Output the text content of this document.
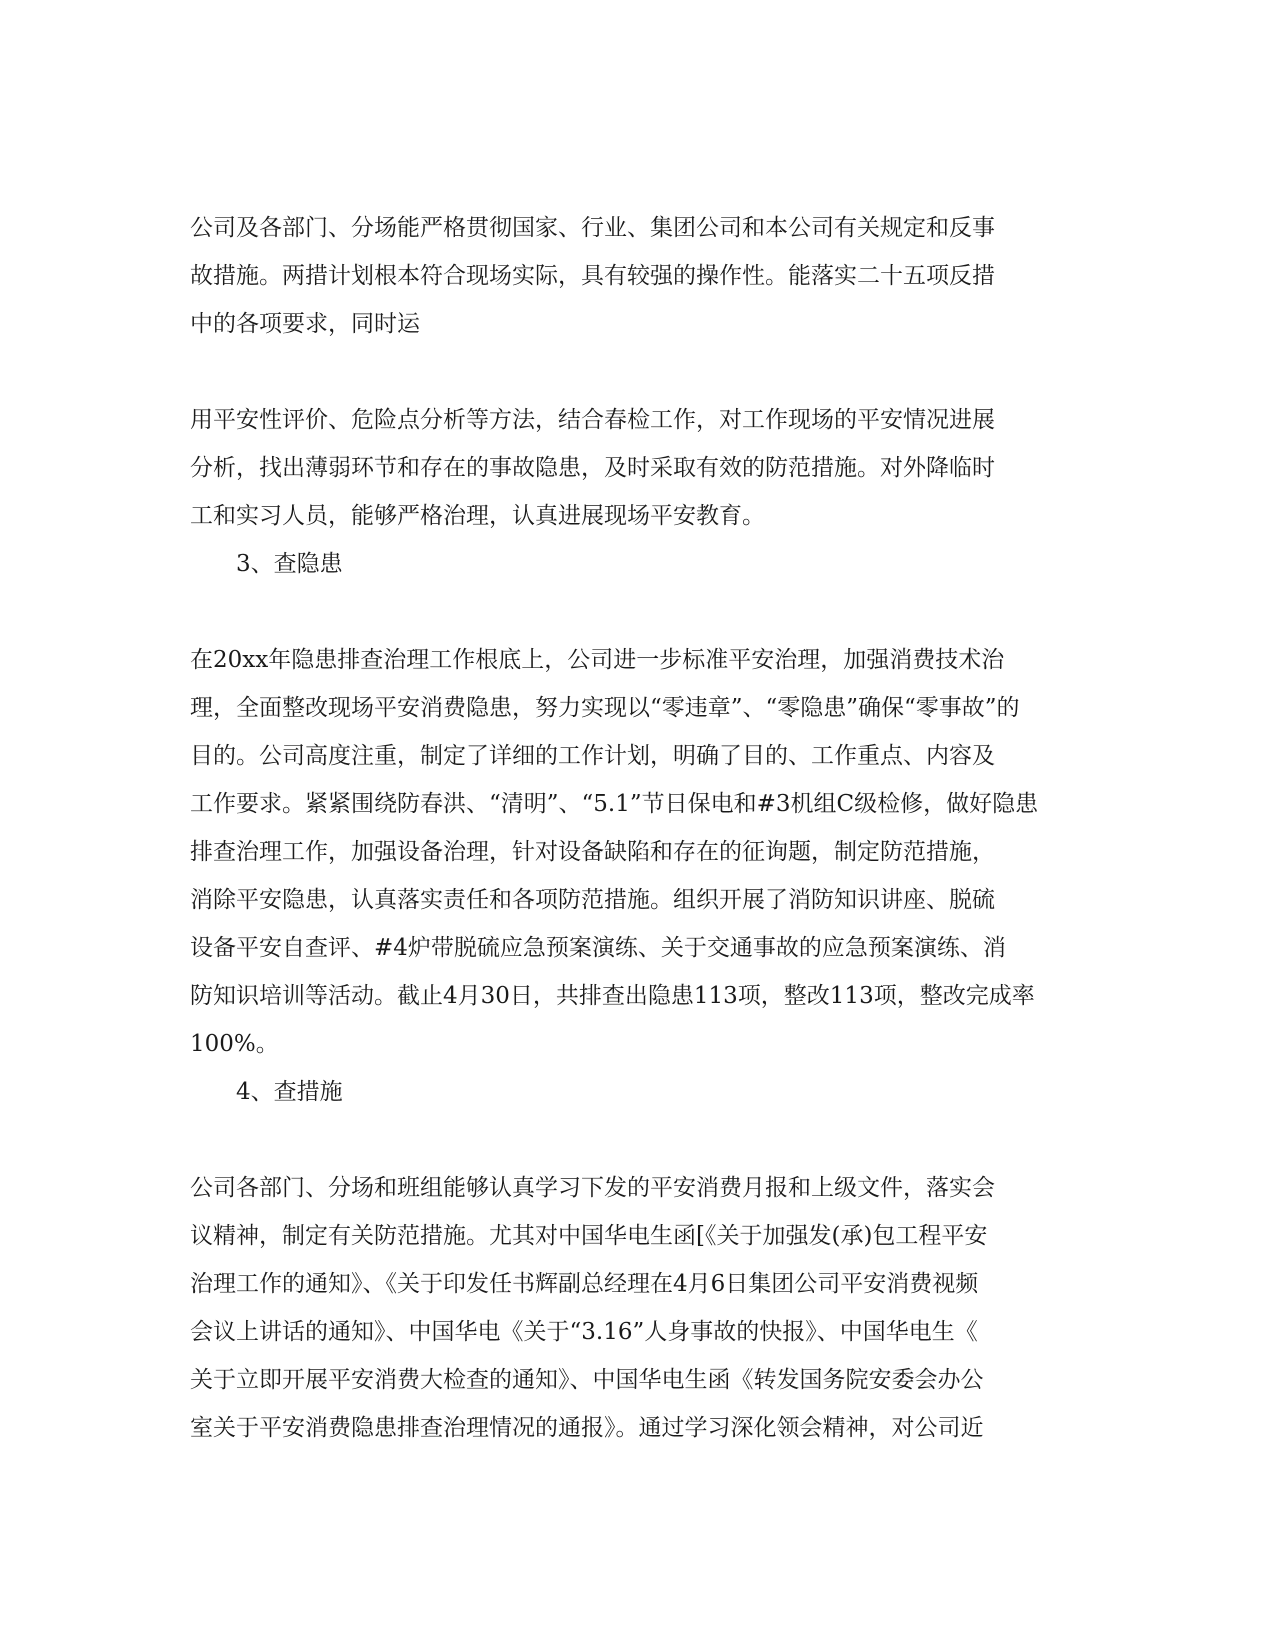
公司及各部门、分场能严格贯彻国家、行业、集团公司和本公司有关规定和反事

故措施。两措计划根本符合现场实际，具有较强的操作性。能落实二十五项反措

中的各项要求，同时运

用平安性评价、危险点分析等方法，结合春检工作，对工作现场的平安情况进展

分析，找出薄弱环节和存在的事故隐患，及时采取有效的防范措施。对外降临时

工和实习人员，能够严格治理，认真进展现场平安教育。

3、查隐患

在20xx年隐患排查治理工作根底上，公司进一步标准平安治理，加强消费技术治

理，全面整改现场平安消费隐患，努力实现以“零违章”、“零隐患”确保“零事故”的

目的。公司高度注重，制定了详细的工作计划，明确了目的、工作重点、内容及

工作要求。紧紧围绕防春洪、“清明”、“5.1”节日保电和#3机组C级检修，做好隐患

排查治理工作，加强设备治理，针对设备缺陷和存在的征询题，制定防范措施，

消除平安隐患，认真落实责任和各项防范措施。组织开展了消防知识讲座、脱硫

设备平安自查评、#4炉带脱硫应急预案演练、关于交通事故的应急预案演练、消

防知识培训等活动。截止4月30日，共排查出隐患113项，整改113项，整改完成率

100%。

4、查措施

公司各部门、分场和班组能够认真学习下发的平安消费月报和上级文件，落实会

议精神，制定有关防范措施。尤其对中国华电生函[《关于加强发(承)包工程平安

治理工作的通知》、《关于印发任书辉副总经理在4月6日集团公司平安消费视频

会议上讲话的通知》、中国华电《关于“3.16”人身事故的快报》、中国华电生《

关于立即开展平安消费大检查的通知》、中国华电生函《转发国务院安委会办公

室关于平安消费隐患排查治理情况的通报》。通过学习深化领会精神，对公司近
